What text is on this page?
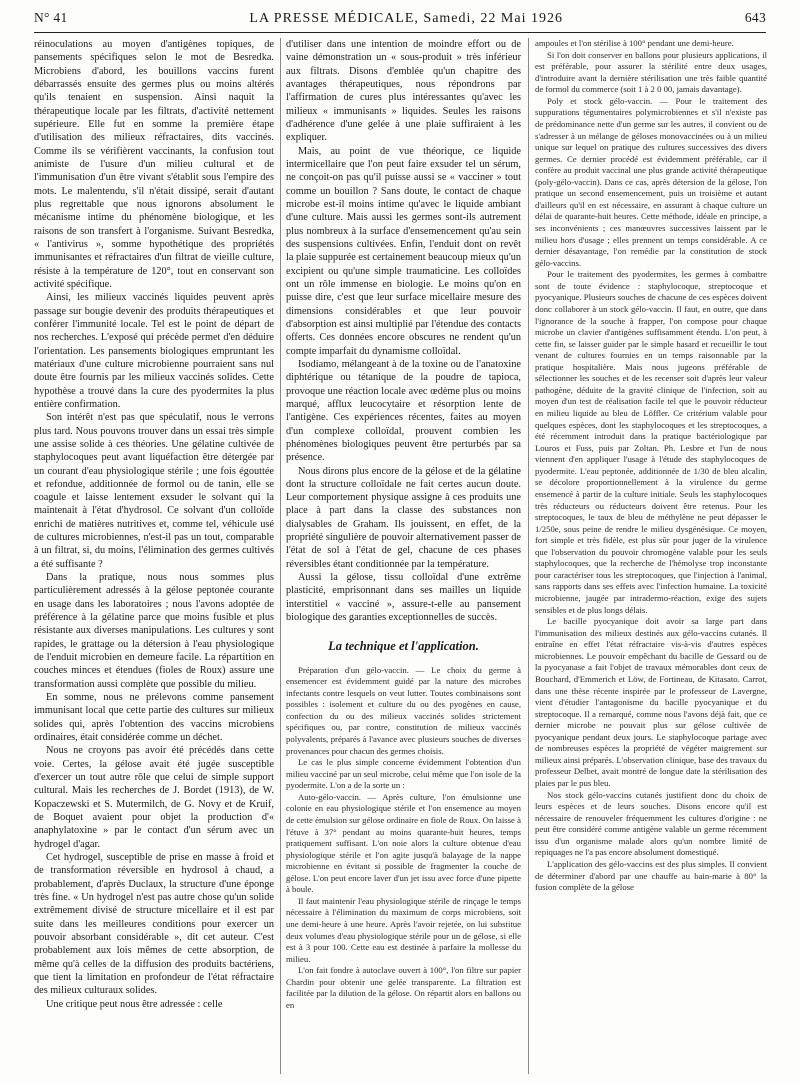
N° 41	LA PRESSE MÉDICALE, Samedi, 22 Mai 1926	643

réinoculations au moyen d'antigènes topiques, de pansements spécifiques selon le mot de Besredka. Microbiens d'abord, les bouillons vaccins furent débarrassés ensuite des germes plus ou moins altérés qu'ils tenaient en suspension. Ainsi naquit la thérapeutique locale par les filtrats, d'activité nettement supérieure. Elle fut en somme la première étape d'utilisation des milieux réfractaires, dits vaccinés. Comme ils se vérifièrent vaccinants, la confusion tout animiste de l'usure d'un milieu cultural et de l'immunisation d'un être vivant s'établit sous l'empire des mots. Le malentendu, s'il n'était dissipé, serait d'autant plus regrettable que nous ignorons absolument le mécanisme intime du phénomène biologique, et les raisons de son transfert à l'organisme. Suivant Besredka, « l'antivirus », somme hypothétique des propriétés immunisantes et réfractaires d'un filtrat de vieille culture, résiste à la température de 120°, tout en conservant son activité spécifique.

Ainsi, les milieux vaccinés liquides peuvent après passage sur bougie devenir des produits thérapeutiques et conférer l'immunité locale. Tel est le point de départ de nos recherches. L'exposé qui précède permet d'en déduire l'orientation. Les pansements biologiques empruntant les matériaux d'une culture microbienne pourraient sans nul doute être fournis par les milieux vaccinés solides. Cette hypothèse a trouvé dans la cure des pyodermites la plus entière confirmation.

Son intérêt n'est pas que spéculatif, nous le verrons plus tard. Nous pouvons trouver dans un essai très simple une assise solide à ces théories. Une gélatine cultivée de staphylocoques peut avant liquéfaction être détergée par un courant d'eau physiologique stérile ; une fois égouttée et refondue, additionnée de formol ou de tanin, elle se coagule et laisse lentement exsuder le solvant qui la maintenait à l'état d'hydrosol. Ce solvant d'un colloïde enrichi de matières nutritives et, comme tel, véhicule usé de cultures microbiennes, n'est-il pas un tout, comparable à un filtrat, si, du moins, l'élimination des germes cultivés a été suffisante ?

Dans la pratique, nous nous sommes plus particulièrement adressés à la gélose peptonée courante en usage dans les laboratoires ; nous l'avons adoptée de préférence à la gélatine parce que moins fusible et plus résistante aux diverses manipulations. Les cultures y sont rapides, le grattage ou la détersion à l'eau physiologique de l'enduit microbien en demeure facile. La répartition en couches minces et étendues (fioles de Roux) assure une transformation aussi complète que possible du milieu.

En somme, nous ne prélevons comme pansement immunisant local que cette partie des cultures sur milieux solides qui, après l'obtention des vaccins microbiens ordinaires, était considérée comme un déchet.

Nous ne croyons pas avoir été précédés dans cette voie. Certes, la gélose avait été jugée susceptible d'exercer un tout autre rôle que celui de simple support cultural. Mais les recherches de J. Bordet (1913), de W. Kopaczewski et S. Mutermilch, de G. Novy et de Kruif, de Boquet avaient pour objet la production d'« anaphylatoxine » par le contact d'un sérum avec un hydrogel d'agar.

Cet hydrogel, susceptible de prise en masse à froid et de transformation réversible en hydrosol à chaud, a probablement, d'après Duclaux, la structure d'une éponge très fine. « Un hydrogel n'est pas autre chose qu'un solide extrêmement divisé de structure micellaire et il est par suite dans les meilleures conditions pour exercer un pouvoir absorbant considérable », dit cet auteur. C'est probablement aux lois mêmes de cette absorption, de même qu'à celles de la diffusion des produits bactériens, que tient la limitation en profondeur de l'état réfractaire des milieux culturaux solides.

Une critique peut nous être adressée : celle

d'utiliser dans une intention de moindre effort ou de vaine démonstration un « sous-produit » très inférieur aux filtrats. Disons d'emblée qu'un chapitre des avantages thérapeutiques, nous répondrons par l'affirmation de cures plus intéressantes qu'avec les milieux « immunisants » liquides. Seules les raisons d'adhérence d'une gelée à une plaie suffiraient à les expliquer.

Mais, au point de vue théorique, ce liquide intermicellaire que l'on peut faire exsuder tel un sérum, ne conçoit-on pas qu'il puisse aussi se « vacciner » tout comme un bouillon ? Sans doute, le contact de chaque microbe est-il moins intime qu'avec le liquide ambiant d'une culture. Mais aussi les germes sont-ils autrement plus nombreux à la surface d'ensemencement qu'au sein des suspensions cultivées. Enfin, l'enduit dont on revêt la plaie suppurée est certainement beaucoup mieux qu'un excipient ou qu'une simple traumaticine. Les colloïdes ont un rôle immense en biologie. Le moins qu'on en puisse dire, c'est que leur surface micellaire mesure des dimensions considérables et que leur pouvoir d'absorption est ainsi multiplié par l'étendue des contacts offerts. Ces données encore obscures ne rendent qu'un compte imparfait du dynamisme colloïdal.

Isodiamo, mélangeant à de la toxine ou de l'anatoxine diphtérique ou tétanique de la poudre de tapioca, provoque une réaction locale avec œdème plus ou moins marqué, afflux leucocytaire et résorption lente de l'antigène. Ces expériences récentes, faites au moyen d'un complexe colloïdal, prouvent combien les phénomènes biologiques peuvent être perturbés par sa présence.

Nous dirons plus encore de la gélose et de la gélatine dont la structure colloïdale ne fait certes aucun doute. Leur comportement physique assigne à ces produits une place à part dans la classe des substances non dialysables de Graham. Ils jouissent, en effet, de la propriété singulière de pouvoir alternativement passer de l'état de sol à l'état de gel, chacune de ces phases réversibles étant conditionnée par la température.

Aussi la gélose, tissu colloïdal d'une extrême plasticité, emprisonnant dans ses mailles un liquide interstitiel « vacciné », assure-t-elle au pansement biologique des garanties exceptionnelles de succès.

La technique et l'application.

Préparation d'un gélo-vaccin. — Le choix du germe à ensemencer est évidemment guidé par la nature des microbes infectants contre lesquels on veut lutter. Toutes combinaisons sont possibles : isolement et culture du ou des pyogènes en cause, confection du ou des milieux vaccinés solides strictement spécifiques ou, par contre, constitution de milieux vaccinés polyvalents, préparés à l'avance avec plusieurs souches de diverses provenances pour chacun des germes choisis.

Le cas le plus simple concerne évidemment l'obtention d'un milieu vacciné par un seul microbe, celui même que l'on isole de la pyodermite. L'on a de la sorte un :

Auto-gélo-vaccin. — Après culture, l'on émulsionne une colonie en eau physiologique stérile et l'on ensemence au moyen de cette émulsion sur gélose ordinaire en fiole de Roux. On laisse à l'étuve à 37° pendant au moins quarante-huit heures, temps pratiquement suffisant. L'on noie alors la culture obtenue d'eau physiologique stérile et l'on agite jusqu'à balayage de la nappe microbienne en évitant si possible de fragmenter la couche de gélose. L'on peut encore laver d'un jet issu avec force d'une pipette à boule.

Il faut maintenir l'eau physiologique stérile de rinçage le temps nécessaire à l'élimination du maximum de corps microbiens, soit une demi-heure à une heure. Après l'avoir rejetée, on lui substitue deux volumes d'eau physiologique stérile pour un de gélose, si elle est à 3 pour 100. Cette eau est destinée à parfaire la mollesse du milieu.

L'on fait fondre à autoclave ouvert à 100°, l'on filtre sur papier Chardin pour obtenir une gelée transparente. La filtration est facilitée par la dilution de la gélose. On répartit alors en ballons ou en

ampoules et l'on stérilise à 100° pendant une demi-heure.

Si l'on doit conserver en ballons pour plusieurs applications, il est préférable, pour assurer la stérilité entre deux usages, d'introduire avant la dernière stérilisation une très faible quantité de formol du commerce (soit 1 à 2 0 00, jamais davantage).

Poly et stock gélo-vaccin. — Pour le traitement des suppurations tégumentaires polymicrobiennes et s'il n'existe pas de prédominance nette d'un germe sur les autres, il convient ou de s'adresser à un mélange de géloses monovaccinées ou à un milieu unique sur lequel on pratique des cultures successives des divers germes. Ce dernier procédé est évidemment préférable, car il confère au produit vaccinal une plus grande activité thérapeutique (poly-gélo-vaccin). Dans ce cas, après détersion de la gélose, l'on pratique un second ensemencement, puis un troisième et autant d'ailleurs qu'il en est nécessaire, en assurant à chaque culture un délai de quarante-huit heures. Cette méthode, idéale en principe, a ses inconvénients ; ces manœuvres successives laissent par le milieu hors d'usage ; elles prennent un temps considérable. A ce dernier désavantage, l'on remédie par la constitution de stock gélo-vaccins.

Pour le traitement des pyodermites, les germes à combattre sont de toute évidence : staphylocoque, streptocoque et pyocyanique. Plusieurs souches de chacune de ces espèces doivent donc collaborer à un stock gélo-vaccin. Il faut, en outre, que dans l'ignorance de la souche à frapper, l'on compose pour chaque microbe un clavier d'antigènes suffisamment étendu. L'on peut, à cette fin, se laisser guider par le simple hasard et recueillir le tout venant de cultures fournies en un temps raisonnable par la pratique hospitalière. Mais nous jugeons préférable de sélectionner les souches et de les recenser soit d'après leur valeur pathogène, déduite de la gravité clinique de l'infection, soit au moyen d'un test de réalisation facile tel que le pouvoir réducteur en milieu liquide au bleu de Löffler. Ce critérium valable pour quelques espèces, dont les staphylocoques et les streptocoques, a été récemment introduit dans la pratique bactériologique par Louros et Fuss, puis par Zoltan. Ph. Lesbre et l'un de nous viennent d'en appliquer l'usage à l'étude des staphylocoques de pyodermite. L'eau peptonée, additionnée de 1/30 de bleu alcalin, se décolore proportionnellement à la virulence du germe ensemencé à partir de la culture initiale. Seuls les staphylocoques très réducteurs ou réducteurs doivent être retenus. Pour les streptocoques, le taux de bleu de méthylène ne peut dépasser le 1/250e, sous peine de rendre le milieu dysgénésique. Ce moyen, fort simple et très fidèle, est plus sûr pour juger de la virulence que l'observation du pouvoir chromogène valable pour les seuls staphylocoques, que la recherche de l'hémolyse trop inconstante pour caractériser tous les streptocoques, que l'injection à l'animal, sans rapports dans ses effets avec l'infection humaine. La toxicité microbienne, jaugée par intradermo-réaction, exige des sujets sensibles et de plus longs délais.

Le bacille pyocyanique doit avoir sa large part dans l'immunisation des milieux destinés aux gélo-vaccins cutanés. Il entraîne en effet l'état réfractaire vis-à-vis d'autres espèces microbiennes. Le pouvoir empêchant du bacille de Gessard ou de la pyocyanase a fait l'objet de travaux mémorables dont ceux de Bouchard, d'Emmerich et Löw, de Fortineau, de Kitasato. Carrot, dans une thèse récente inspirée par le professeur de Lavergne, vient d'étudier l'antagonisme du bacille pyocyanique et du streptocoque. Il a remarqué, comme nous l'avons déjà fait, que ce dernier microbe ne pouvait plus sur gélose cultivée de pyocyanique pendant deux jours. Le staphylocoque partage avec de nombreuses espèces la propriété de végéter maigrement sur milieux ainsi préparés. L'observation clinique, base des travaux du professeur Delbet, avait montré de longue date la stérilisation des plaies par le pus bleu.

Nos stock gélo-vaccins cutanés justifient donc du choix de leurs espèces et de leurs souches. Disons encore qu'il est nécessaire de renouveler fréquemment les cultures d'origine : ne peut être considéré comme antigène valable un germe récemment issu d'un organisme malade alors qu'un nombre limité de repiquages ne l'a pas encore absolument domestiqué.

L'application des gélo-vaccins est des plus simples. Il convient de déterminer d'abord par une chauffe au bain-marie à 80° la fusion complète de la gélose
